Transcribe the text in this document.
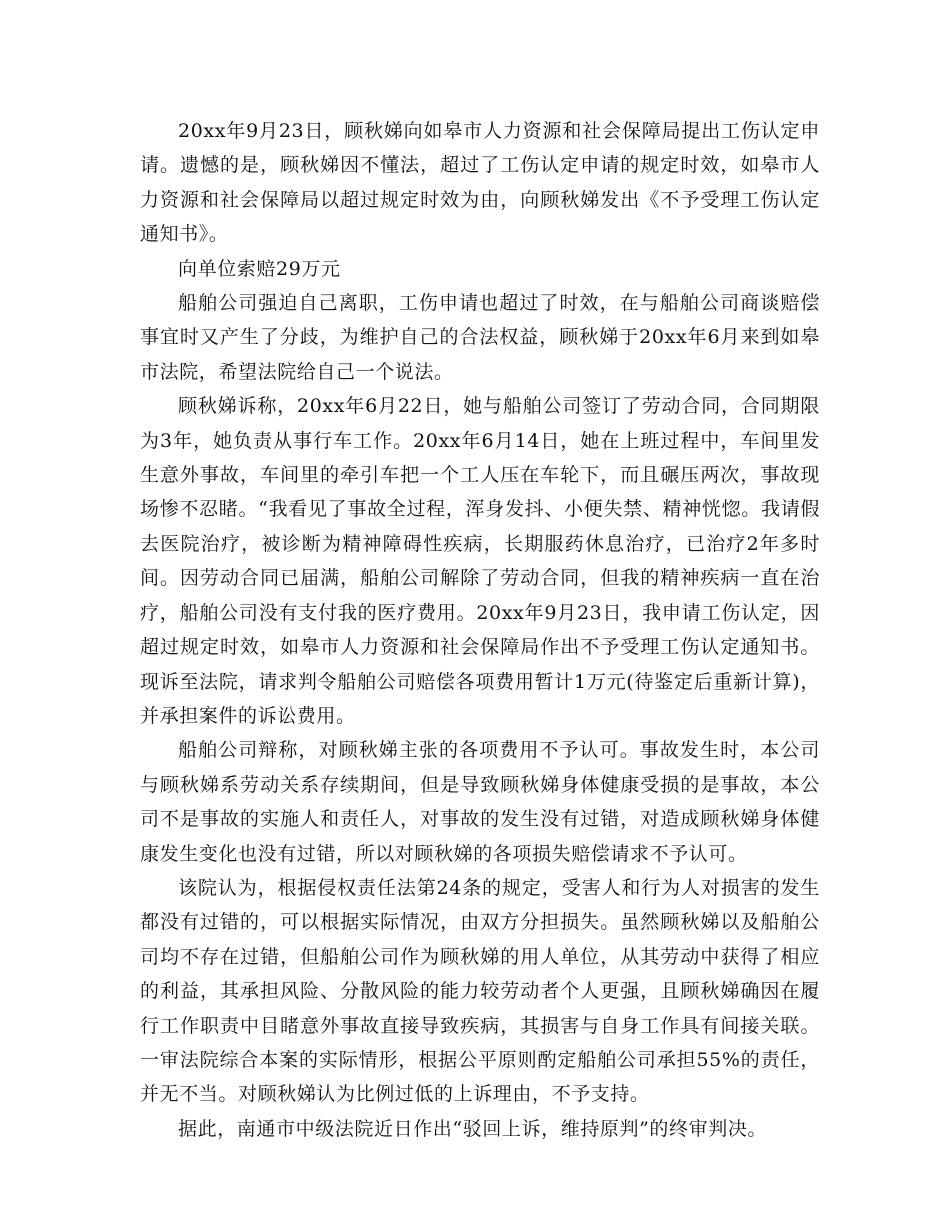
20xx年9月23日，顾秋娣向如皋市人力资源和社会保障局提出工伤认定申请。遗憾的是，顾秋娣因不懂法，超过了工伤认定申请的规定时效，如皋市人力资源和社会保障局以超过规定时效为由，向顾秋娣发出《不予受理工伤认定通知书》。

向单位索赔29万元

船舶公司强迫自己离职，工伤申请也超过了时效，在与船舶公司商谈赔偿事宜时又产生了分歧，为维护自己的合法权益，顾秋娣于20xx年6月来到如皋市法院，希望法院给自己一个说法。

顾秋娣诉称，20xx年6月22日，她与船舶公司签订了劳动合同，合同期限为3年，她负责从事行车工作。20xx年6月14日，她在上班过程中，车间里发生意外事故，车间里的牵引车把一个工人压在车轮下，而且碾压两次，事故现场惨不忍睹。“我看见了事故全过程，浑身发抖、小便失禁、精神恍惚。我请假去医院治疗，被诊断为精神障碍性疾病，长期服药休息治疗，已治疗2年多时间。因劳动合同已届满，船舶公司解除了劳动合同，但我的精神疾病一直在治疗，船舶公司没有支付我的医疗费用。20xx年9月23日，我申请工伤认定，因超过规定时效，如皋市人力资源和社会保障局作出不予受理工伤认定通知书。现诉至法院，请求判令船舶公司赔偿各项费用暂计1万元(待鉴定后重新计算)，并承担案件的诉讼费用。

船舶公司辩称，对顾秋娣主张的各项费用不予认可。事故发生时，本公司与顾秋娣系劳动关系存续期间，但是导致顾秋娣身体健康受损的是事故，本公司不是事故的实施人和责任人，对事故的发生没有过错，对造成顾秋娣身体健康发生变化也没有过错，所以对顾秋娣的各项损失赔偿请求不予认可。

该院认为，根据侵权责任法第24条的规定，受害人和行为人对损害的发生都没有过错的，可以根据实际情况，由双方分担损失。虽然顾秋娣以及船舶公司均不存在过错，但船舶公司作为顾秋娣的用人单位，从其劳动中获得了相应的利益，其承担风险、分散风险的能力较劳动者个人更强，且顾秋娣确因在履行工作职责中目睹意外事故直接导致疾病，其损害与自身工作具有间接关联。一审法院综合本案的实际情形，根据公平原则酌定船舶公司承担55%的责任，并无不当。对顾秋娣认为比例过低的上诉理由，不予支持。

据此，南通市中级法院近日作出“驳回上诉，维持原判”的终审判决。
